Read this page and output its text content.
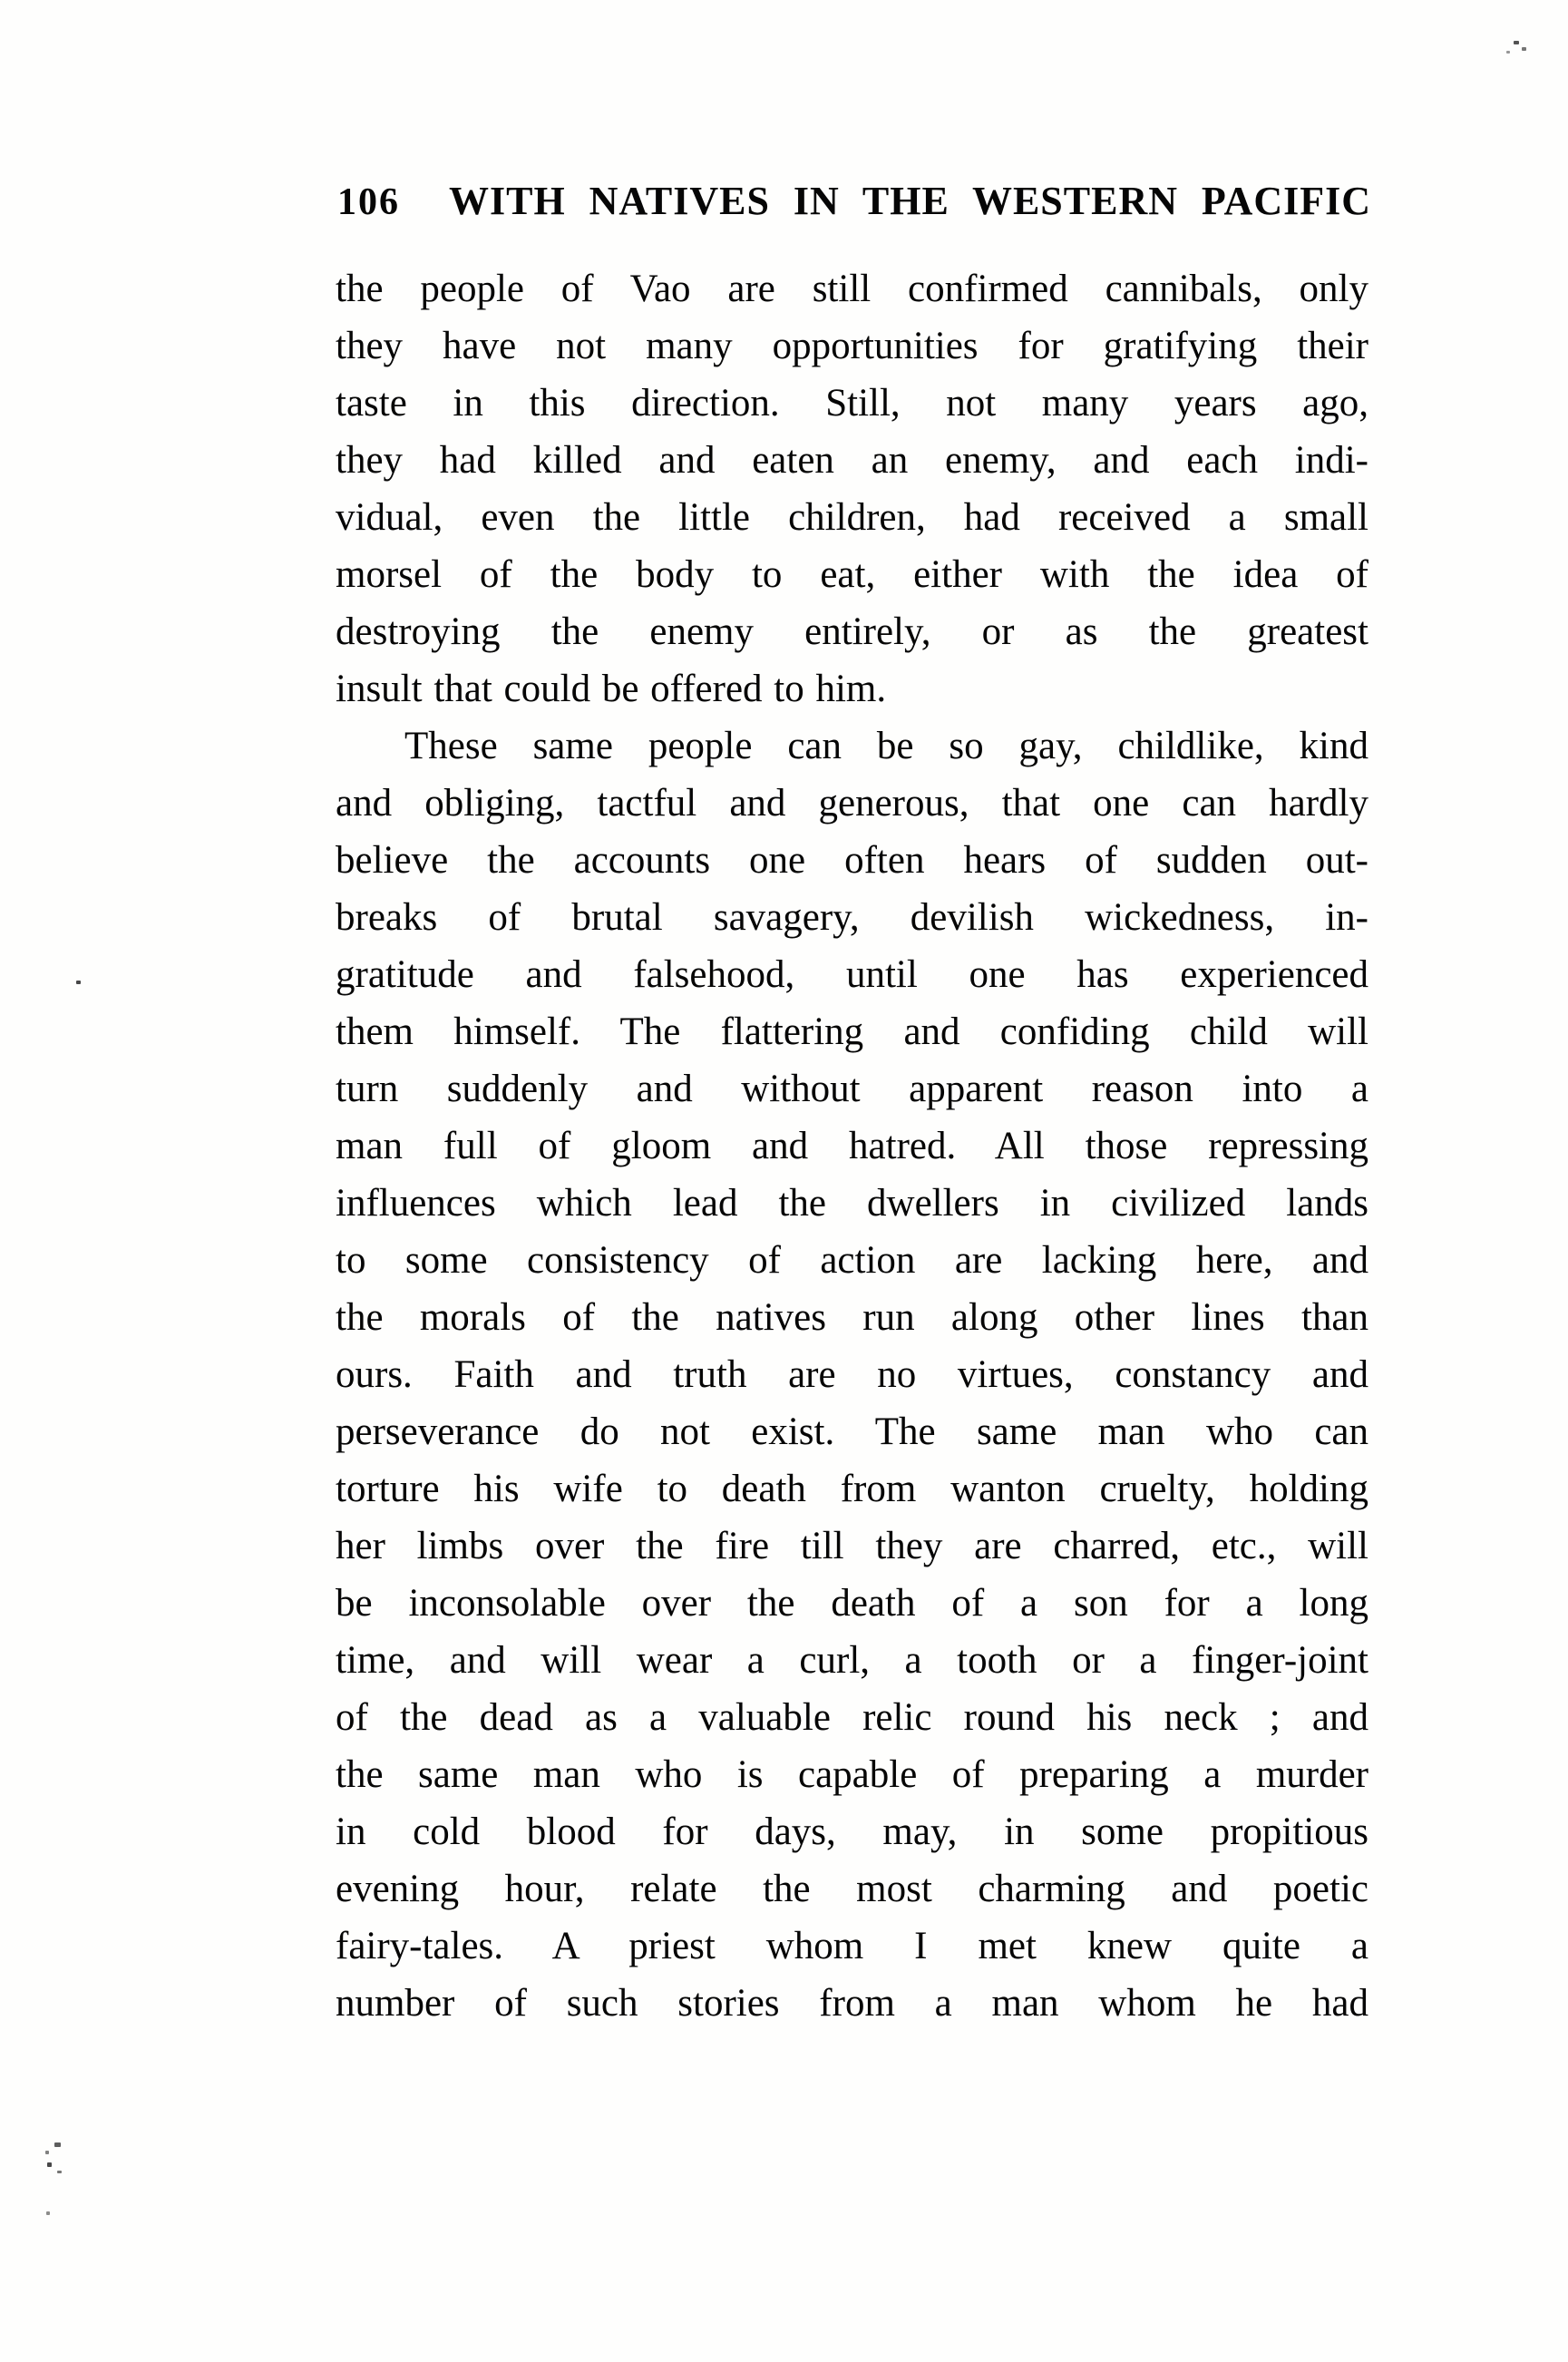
106 WITH NATIVES IN THE WESTERN PACIFIC
the people of Vao are still confirmed cannibals, only
they have not many opportunities for gratifying their
taste in this direction. Still, not many years ago,
they had killed and eaten an enemy, and each indi-
vidual, even the little children, had received a small
morsel of the body to eat, either with the idea of
destroying the enemy entirely, or as the greatest
insult that could be offered to him.
These same people can be so gay, childlike, kind
and obliging, tactful and generous, that one can hardly
believe the accounts one often hears of sudden out-
breaks of brutal savagery, devilish wickedness, in-
gratitude and falsehood, until one has experienced
them himself. The flattering and confiding child will
turn suddenly and without apparent reason into a
man full of gloom and hatred. All those repressing
influences which lead the dwellers in civilized lands
to some consistency of action are lacking here, and
the morals of the natives run along other lines than
ours. Faith and truth are no virtues, constancy and
perseverance do not exist. The same man who can
torture his wife to death from wanton cruelty, holding
her limbs over the fire till they are charred, etc., will
be inconsolable over the death of a son for a long
time, and will wear a curl, a tooth or a finger-joint
of the dead as a valuable relic round his neck ; and
the same man who is capable of preparing a murder
in cold blood for days, may, in some propitious
evening hour, relate the most charming and poetic
fairy-tales. A priest whom I met knew quite a
number of such stories from a man whom he had
